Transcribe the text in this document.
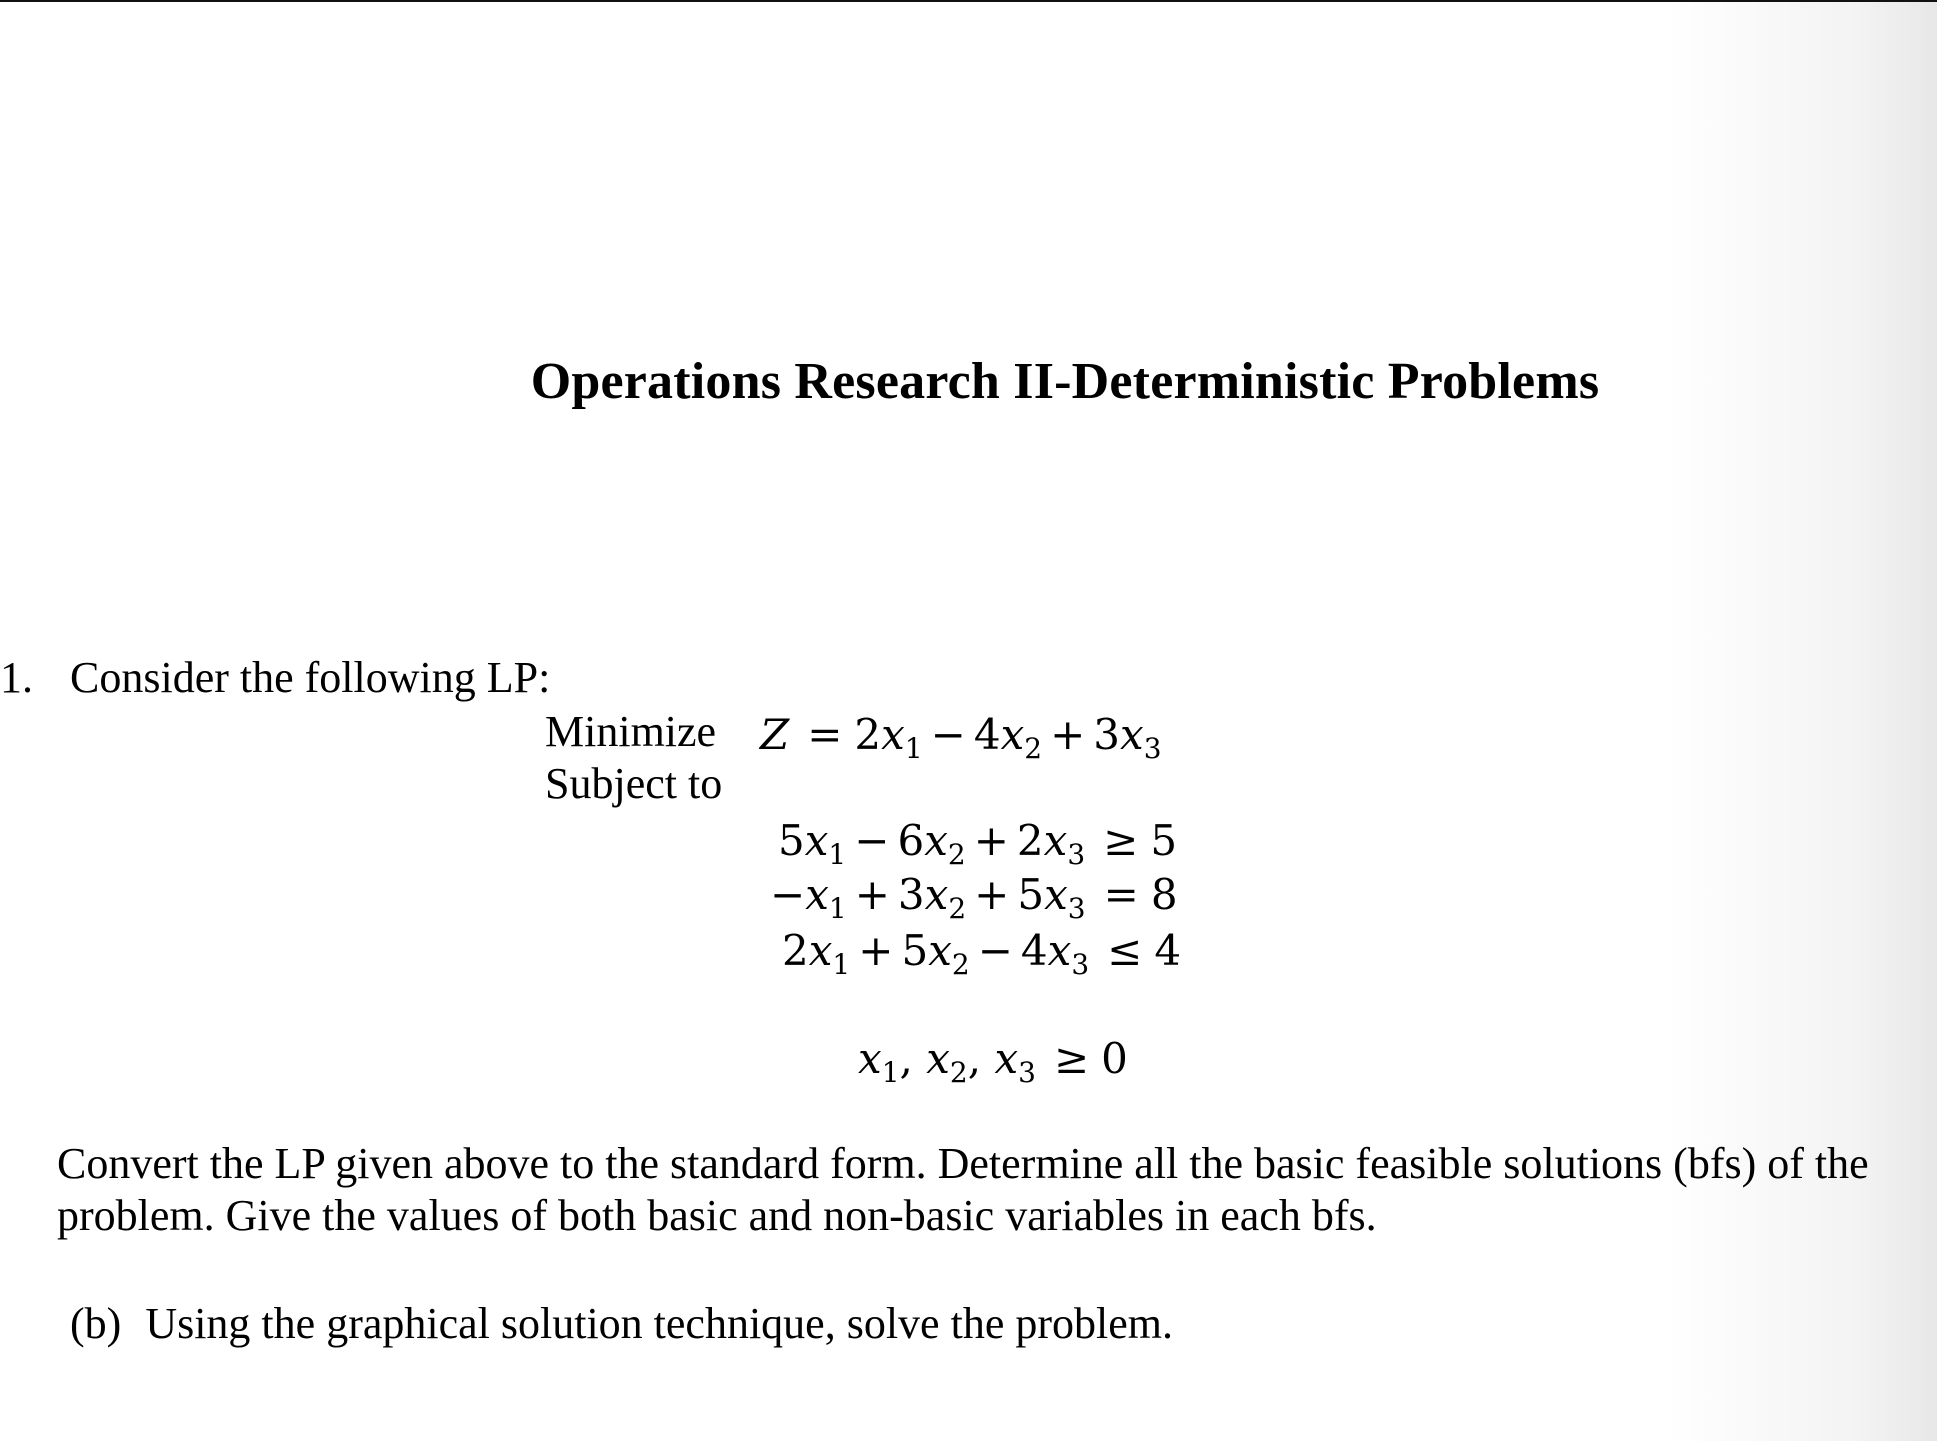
Operations Research II-Deterministic Problems
1. Consider the following LP:
Minimize
Subject to
$Z = 2x_1 - 4x_2 + 3x_3$
$5x_1 - 6x_2 + 2x_3 \ge 5$
$-x_1 + 3x_2 + 5x_3 = 8$
$2x_1 + 5x_2 - 4x_3 \le 4$
$x_1$, $x_2$, $x_3 \ge 0$
Convert the LP given above to the standard form. Determine all the basic feasible solutions (bfs) of the problem. Give the values of both basic and non-basic variables in each bfs.
(b) Using the graphical solution technique, solve the problem.
